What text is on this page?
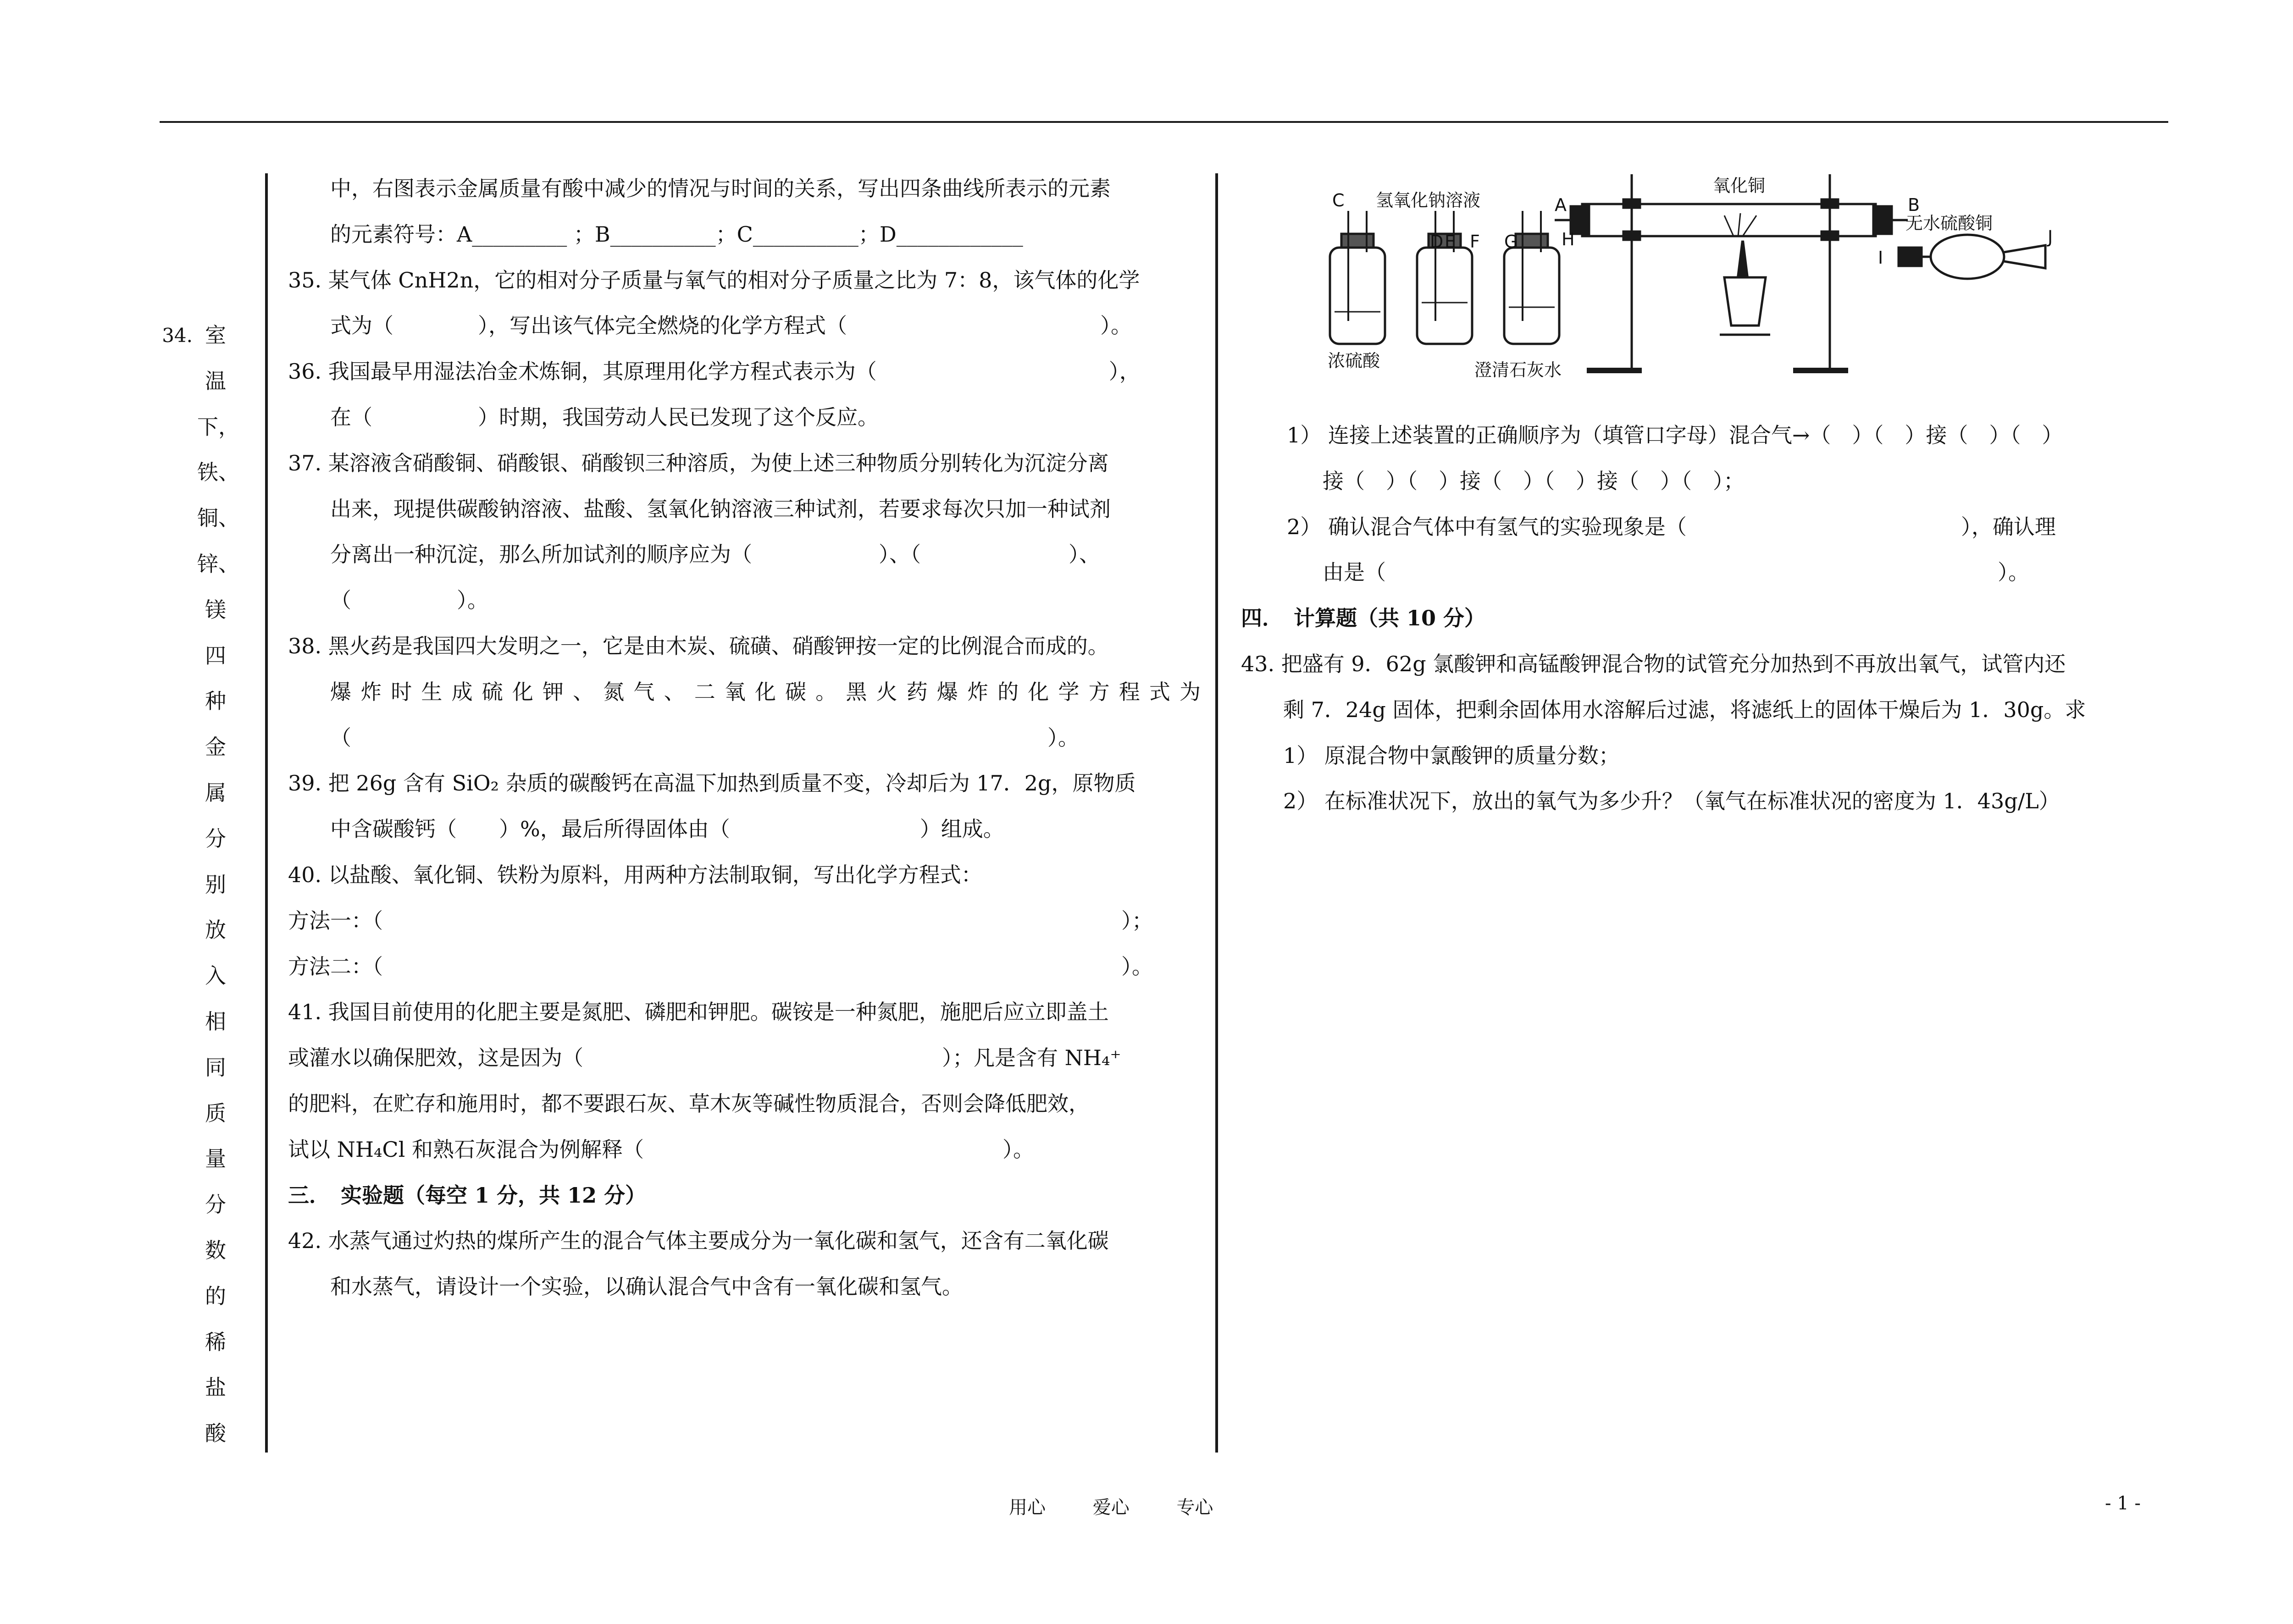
34. 室
温
下，
铁、
铜、
锌、
镁
四
种
金
属
分
别
放
入
相
同
质
量
分
数
的
稀
盐
酸
中，右图表示金属质量有酸中减少的情况与时间的关系，写出四条曲线所表示的元素
的元素符号：A_________ ；B__________；C__________；D____________
35. 某气体 CnH2n，它的相对分子质量与氧气的相对分子质量之比为 7：8，该气体的化学
式为（　　　　），写出该气体完全燃烧的化学方程式（　　　　　　　　　　　　）。
36. 我国最早用湿法冶金术炼铜，其原理用化学方程式表示为（　　　　　　　　　　　），
在（　　　　　）时期，我国劳动人民已发现了这个反应。
37. 某溶液含硝酸铜、硝酸银、硝酸钡三种溶质，为使上述三种物质分别转化为沉淀分离
出来，现提供碳酸钠溶液、盐酸、氢氧化钠溶液三种试剂，若要求每次只加一种试剂
分离出一种沉淀，那么所加试剂的顺序应为（　　　　　　）、（　　　　　　　）、
（　　　　　）。
38. 黑火药是我国四大发明之一，它是由木炭、硫磺、硝酸钾按一定的比例混合而成的。
爆炸时生成硫化钾、氮气、二氧化碳。黑火药爆炸的化学方程式为
（　　　　　　　　　　　　　　　　　　　　　　　　　　　　　　　　　）。
39. 把 26g 含有 SiO₂ 杂质的碳酸钙在高温下加热到质量不变，冷却后为 17．2g，原物质
中含碳酸钙（　　）%，最后所得固体由（　　　　　　　　　）组成。
40. 以盐酸、氧化铜、铁粉为原料，用两种方法制取铜，写出化学方程式：
方法一：（　　　　　　　　　　　　　　　　　　　　　　　　　　　　　　　　　　　）；
方法二：（　　　　　　　　　　　　　　　　　　　　　　　　　　　　　　　　　　　）。
41. 我国目前使用的化肥主要是氮肥、磷肥和钾肥。碳铵是一种氮肥，施肥后应立即盖土
或灌水以确保肥效，这是因为（　　　　　　　　　　　　　　　　　）；凡是含有 NH₄⁺
的肥料，在贮存和施用时，都不要跟石灰、草木灰等碱性物质混合，否则会降低肥效，
试以 NH₄Cl 和熟石灰混合为例解释（　　　　　　　　　　　　　　　　　）。
三．　实验题（每空 1 分，共 12 分）
42. 水蒸气通过灼热的煤所产生的混合气体主要成分为一氧化碳和氢气，还含有二氧化碳
和水蒸气，请设计一个实验，以确认混合气中含有一氧化碳和氢气。
A	B
C
D E F G	H
I
J
氧化铜
氢氧化钠溶液
浓硫酸	澄清石灰水
无水硫酸铜
1） 连接上述装置的正确顺序为（填管口字母）混合气→（　）（　）接（　）（　）
接（　）（　）接（　）（　）接（　）（　）；
2） 确认混合气体中有氢气的实验现象是（　　　　　　　　　　　　　），确认理
由是（　　　　　　　　　　　　　　　　　　　　　　　　　　　　　）。
四．　计算题（共 10 分）
43. 把盛有 9．62g 氯酸钾和高锰酸钾混合物的试管充分加热到不再放出氧气，试管内还
剩 7．24g 固体，把剩余固体用水溶解后过滤，将滤纸上的固体干燥后为 1．30g。求
1） 原混合物中氯酸钾的质量分数；
2） 在标准状况下，放出的氧气为多少升？（氧气在标准状况的密度为 1．43g/L）
用心	爱心	专心	- 1 -
